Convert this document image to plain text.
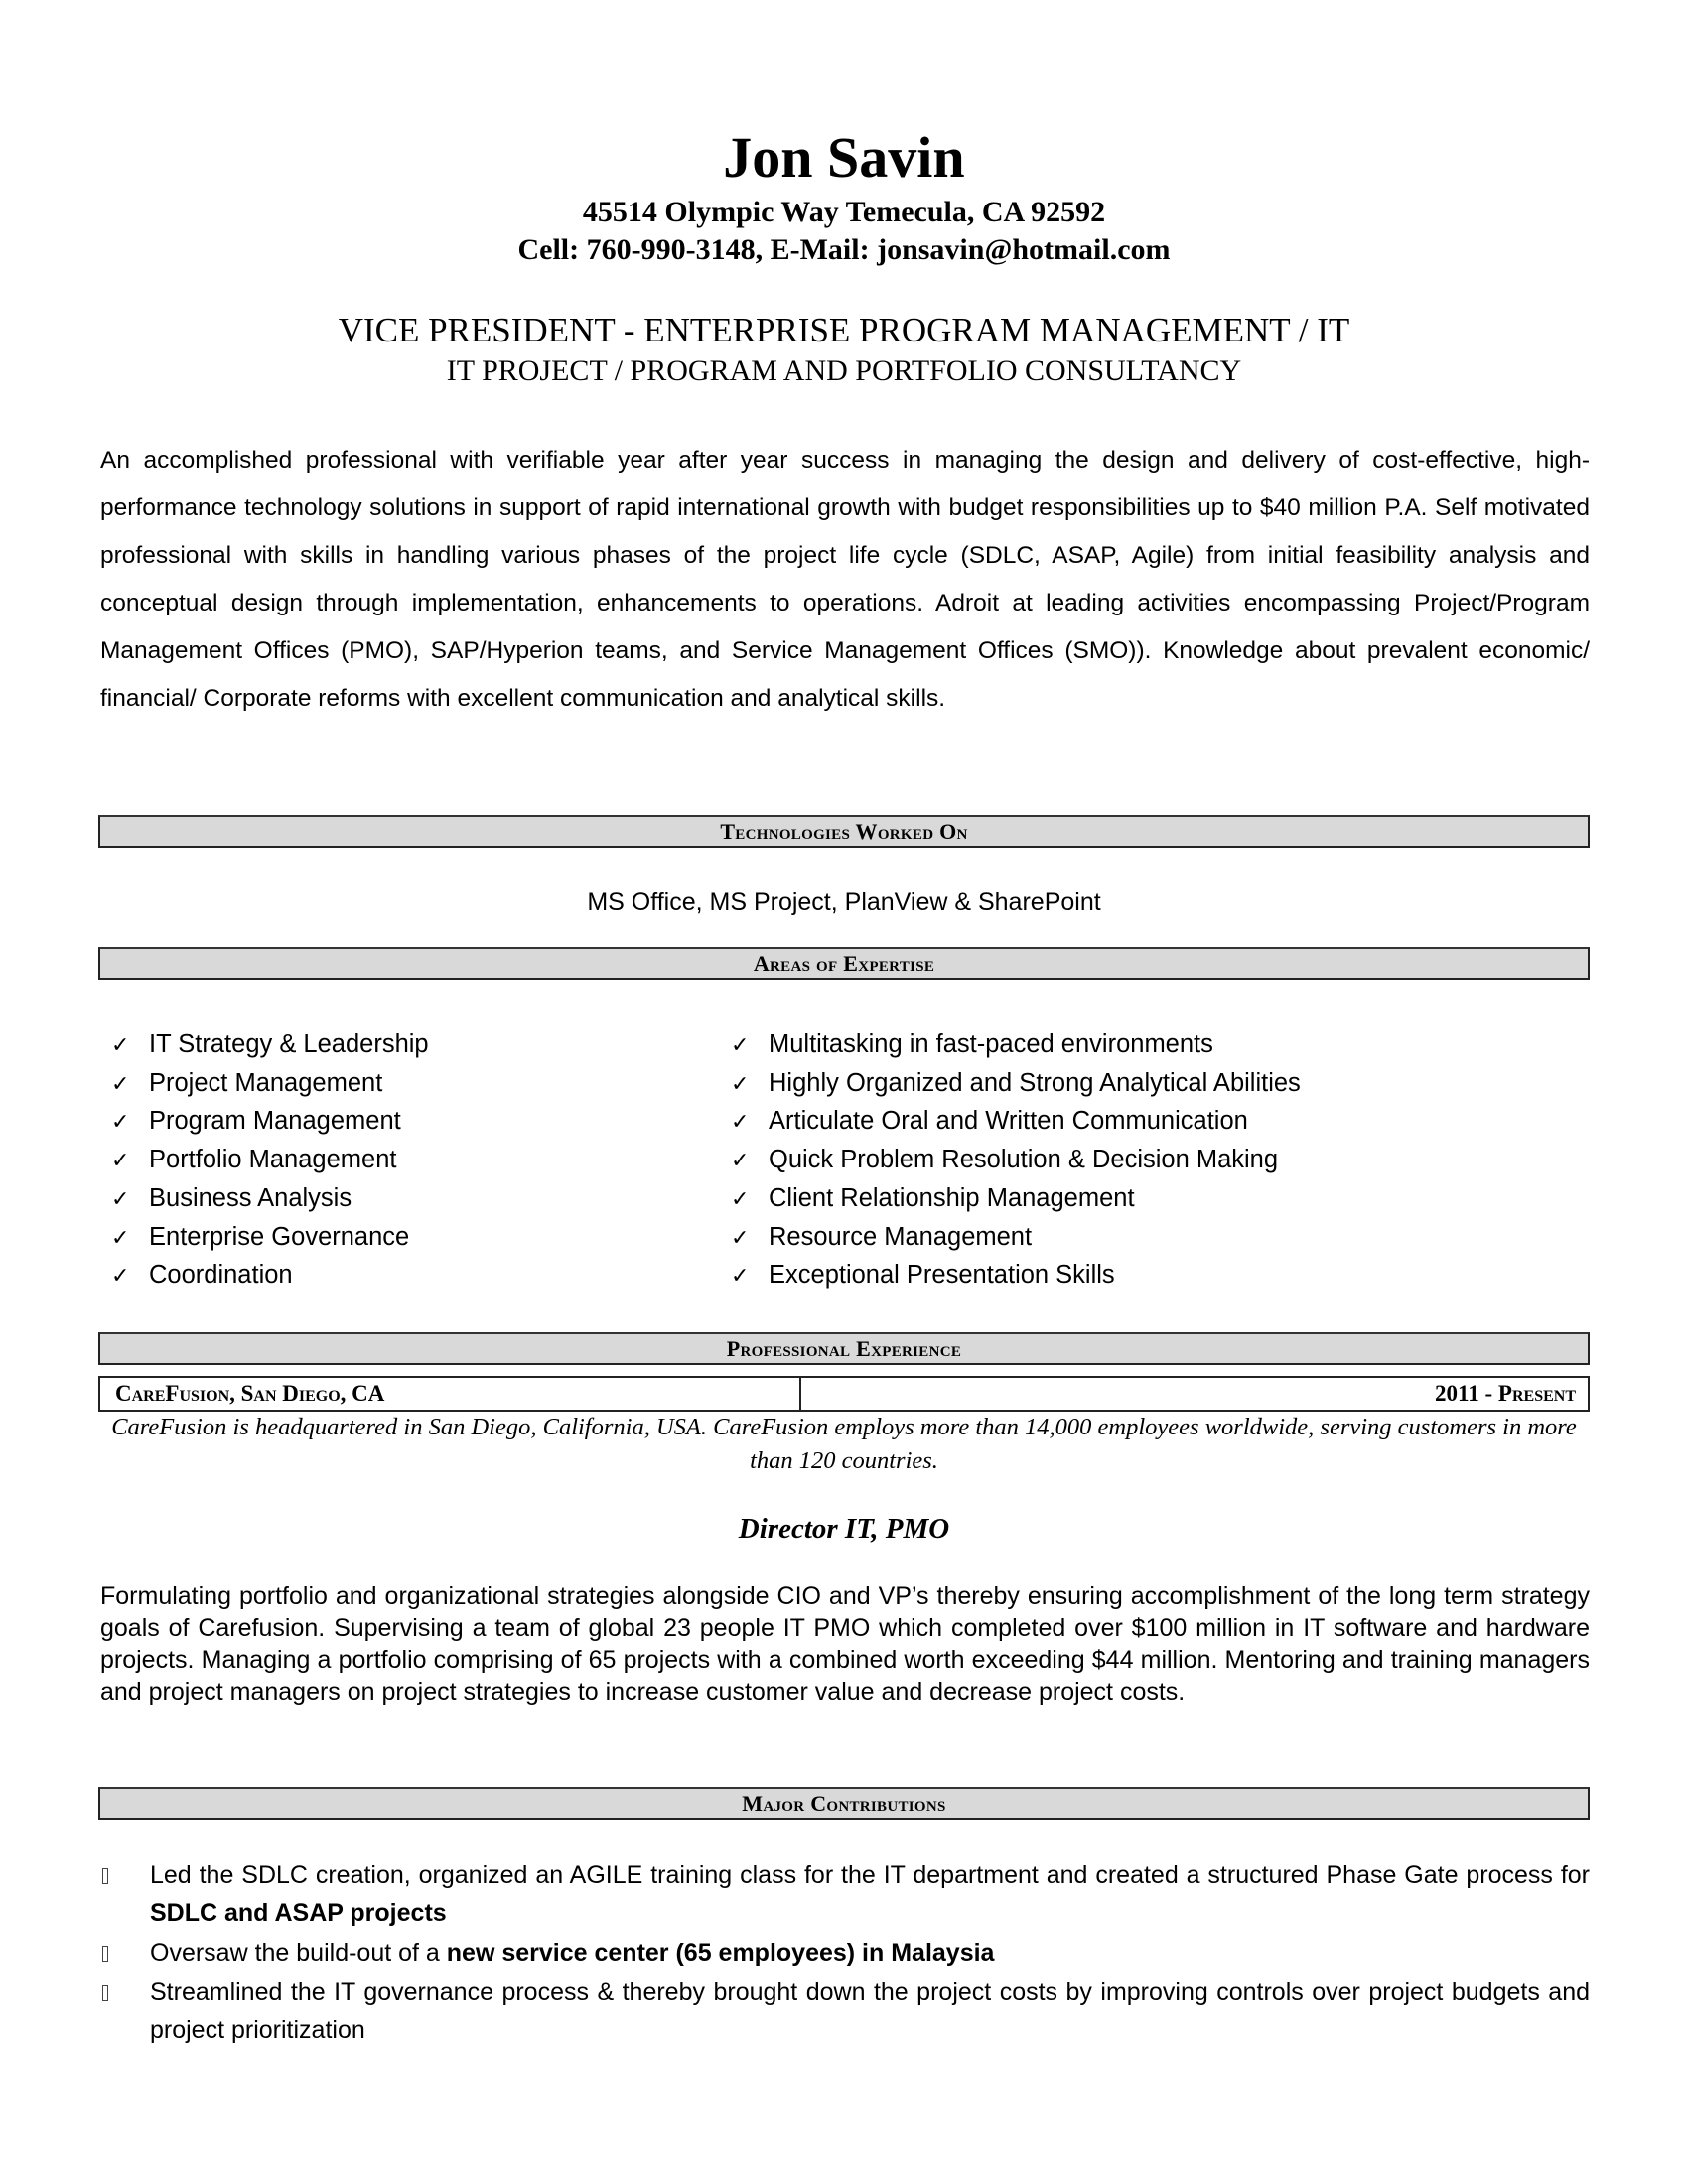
Jon Savin
45514 Olympic Way Temecula, CA 92592
Cell: 760-990-3148, E-Mail: jonsavin@hotmail.com
VICE PRESIDENT - ENTERPRISE PROGRAM MANAGEMENT / IT
IT PROJECT / PROGRAM AND PORTFOLIO CONSULTANCY
An accomplished professional with verifiable year after year success in managing the design and delivery of cost-effective, high-performance technology solutions in support of rapid international growth with budget responsibilities up to $40 million P.A. Self motivated professional with skills in handling various phases of the project life cycle (SDLC, ASAP, Agile) from initial feasibility analysis and conceptual design through implementation, enhancements to operations. Adroit at leading activities encompassing Project/Program Management Offices (PMO), SAP/Hyperion teams, and Service Management Offices (SMO)). Knowledge about prevalent economic/ financial/ Corporate reforms with excellent communication and analytical skills.
Technologies Worked On
MS Office, MS Project, PlanView & SharePoint
Areas of Expertise
✓ IT Strategy & Leadership
✓ Project Management
✓ Program Management
✓ Portfolio Management
✓ Business Analysis
✓ Enterprise Governance
✓ Coordination
✓ Multitasking in fast-paced environments
✓ Highly Organized and Strong Analytical Abilities
✓ Articulate Oral and Written Communication
✓ Quick Problem Resolution & Decision Making
✓ Client Relationship Management
✓ Resource Management
✓ Exceptional Presentation Skills
Professional Experience
CareFusion, San Diego, CA	2011 - Present
CareFusion is headquartered in San Diego, California, USA. CareFusion employs more than 14,000 employees worldwide, serving customers in more than 120 countries.
Director IT, PMO
Formulating portfolio and organizational strategies alongside CIO and VP’s thereby ensuring accomplishment of the long term strategy goals of Carefusion. Supervising a team of global 23 people IT PMO which completed over $100 million in IT software and hardware projects. Managing a portfolio comprising of 65 projects with a combined worth exceeding $44 million. Mentoring and training managers and project managers on project strategies to increase customer value and decrease project costs.
Major Contributions
Led the SDLC creation, organized an AGILE training class for the IT department and created a structured Phase Gate process for SDLC and ASAP projects
Oversaw the build-out of a new service center (65 employees) in Malaysia
Streamlined the IT governance process & thereby brought down the project costs by improving controls over project budgets and project prioritization
